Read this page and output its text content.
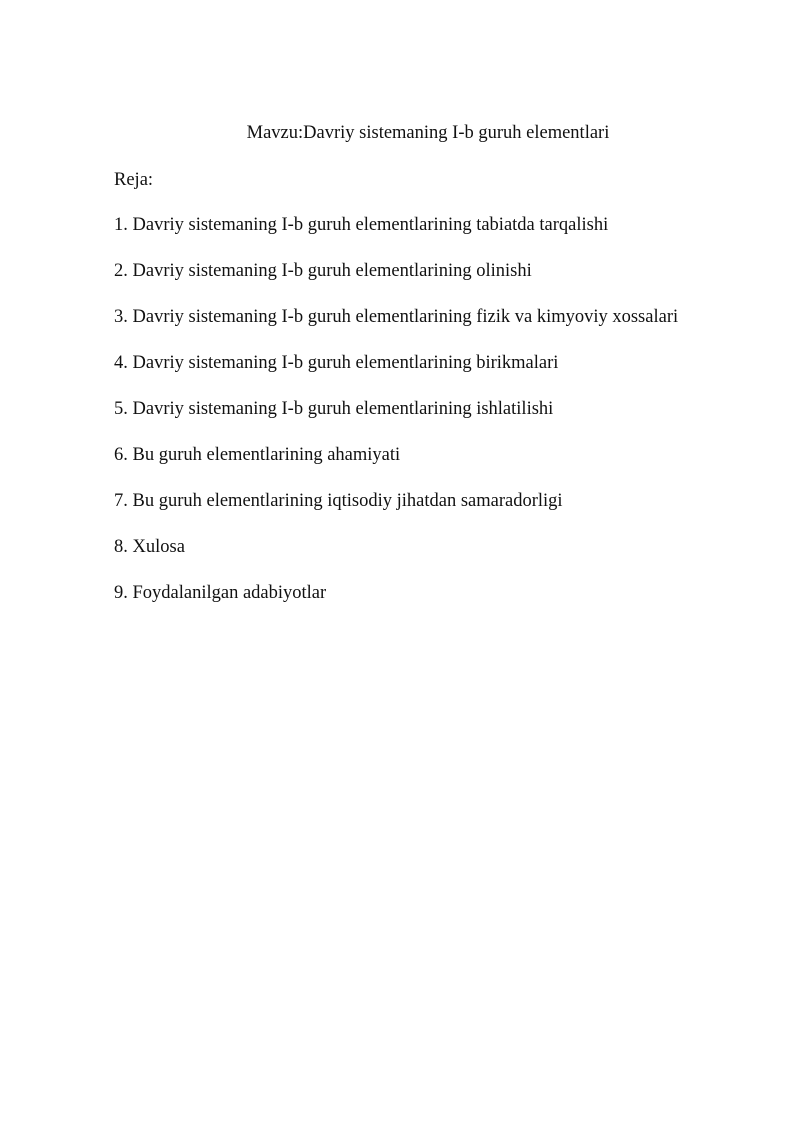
Mavzu:Davriy sistemaning I-b guruh elementlari
Reja:
1. Davriy sistemaning I-b guruh elementlarining tabiatda tarqalishi
2. Davriy sistemaning I-b guruh elementlarining olinishi
3. Davriy sistemaning I-b guruh elementlarining fizik va kimyoviy xossalari
4. Davriy sistemaning I-b guruh elementlarining birikmalari
5. Davriy sistemaning I-b guruh elementlarining ishlatilishi
6. Bu guruh elementlarining ahamiyati
7. Bu guruh elementlarining iqtisodiy jihatdan samaradorligi
8. Xulosa
9. Foydalanilgan adabiyotlar
